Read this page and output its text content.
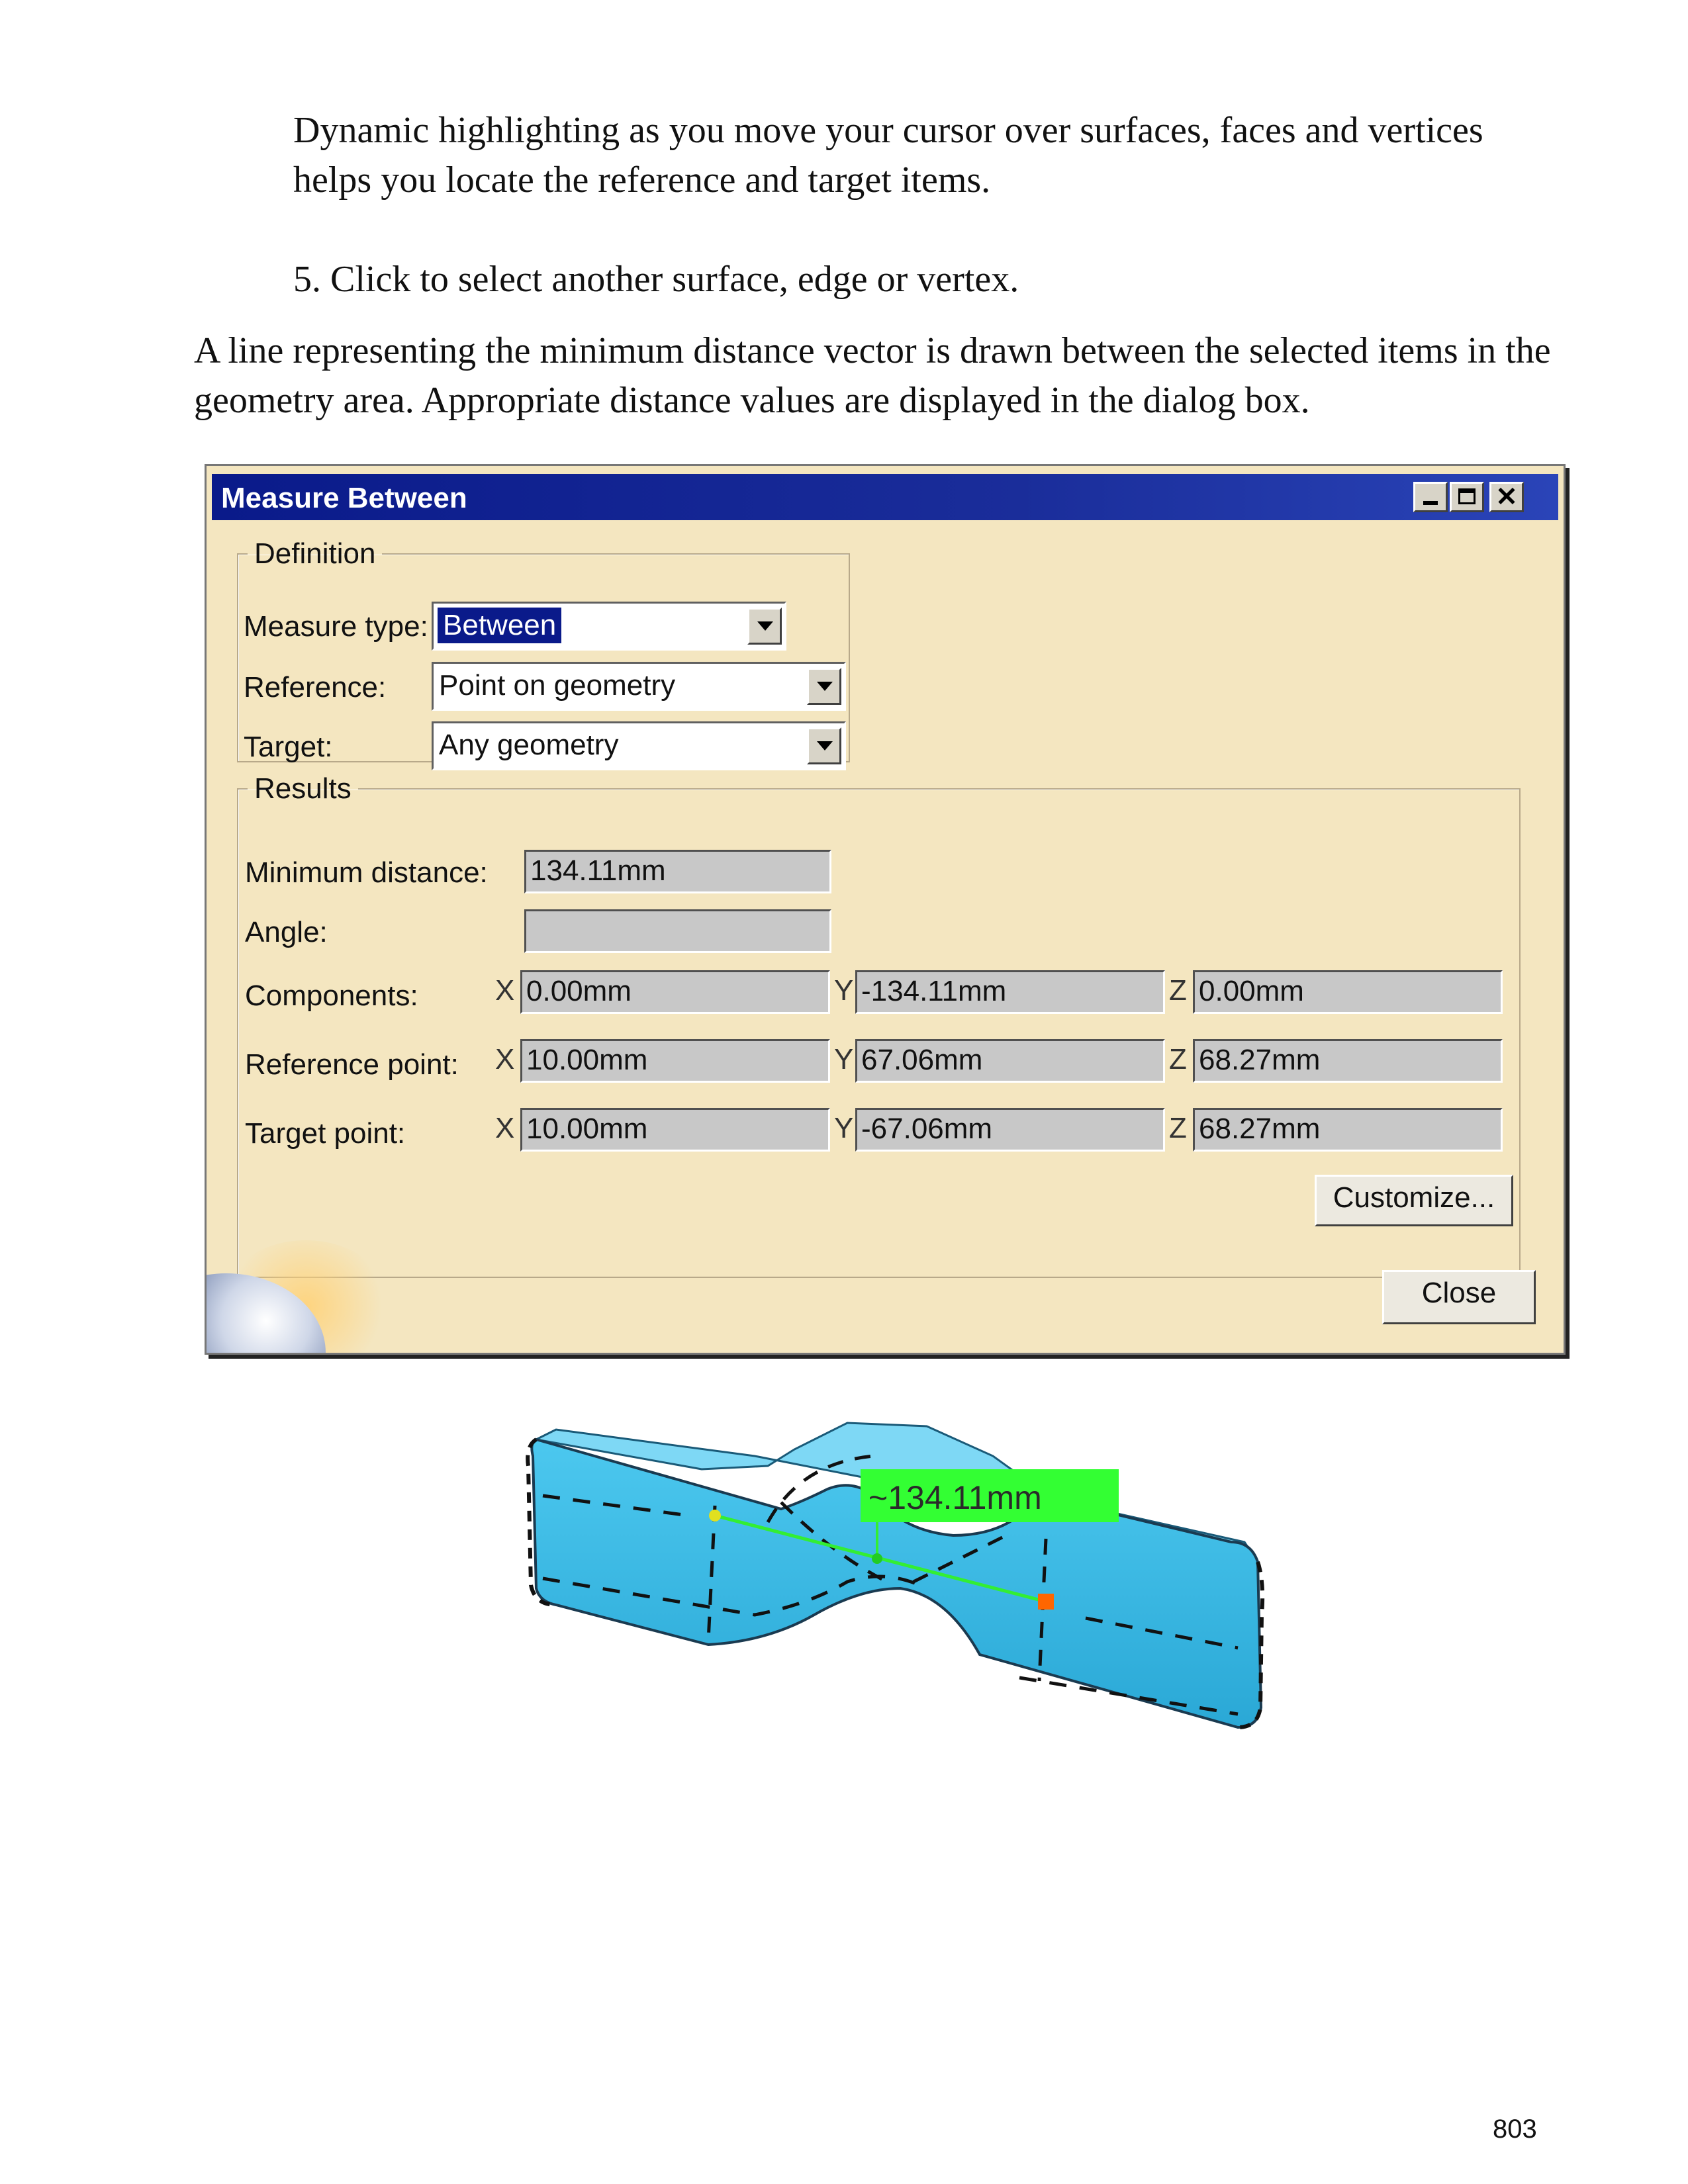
Dynamic highlighting as you move your cursor over surfaces, faces and vertices helps you locate the reference and target items.

5. Click to select another surface, edge or vertex.

A line representing the minimum distance vector is drawn between the selected items in the geometry area. Appropriate distance values are displayed in the dialog box.

Measure Between	✕
Definition
Measure type: Between
Reference: Point on geometry
Target:	Any geometry
Results
Minimum distance: 134.11mm
Angle:
Components:	X 0.00mm	Y -134.11mm	Z 0.00mm
Reference point: X 10.00mm	Y 67.06mm	Z 68.27mm
Target point:	X 10.00mm	Y -67.06mm	Z 68.27mm
Customize...
Close
~134.11mm
803
